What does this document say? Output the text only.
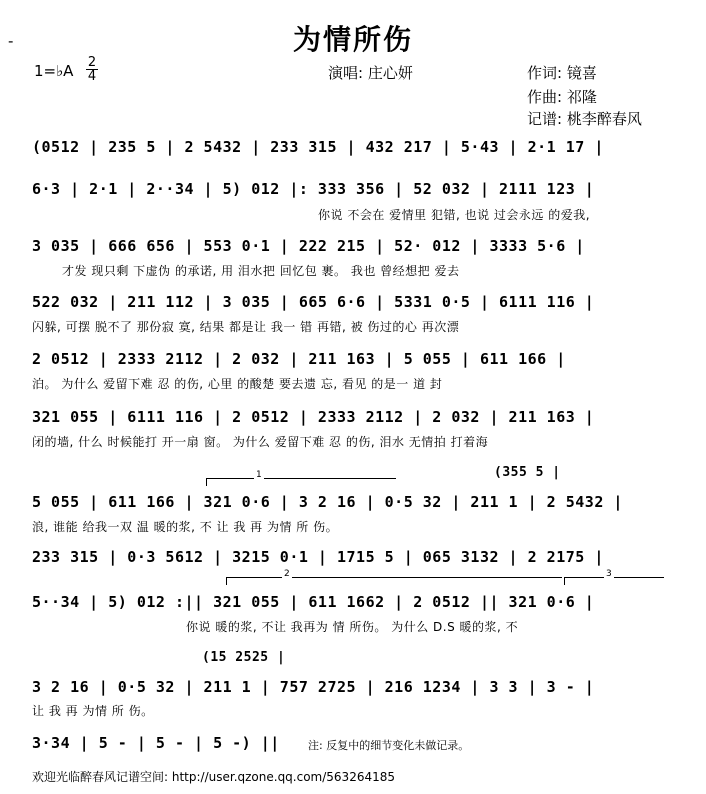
-	为情所伤
1=♭A 2
4	演唱: 庄心妍	作词: 镜喜
作曲: 祁隆
记谱: 桃李醉春风
(0512 | 235 5 | 2 5432 | 233 315 | 432 217 | 5·43 | 2·1 17 |
6·3 | 2·1 | 2··34 | 5) 012 |: 333 356 | 52 032 | 2111 123 |
你说 不会在 爱情里 犯错, 也说 过会永远 的爱我,
3 035 | 666 656 | 553 0·1 | 222 215 | 52· 012 | 3333 5·6 |
才发 现只剩 下虚伪 的承诺, 用 泪水把 回忆包 裹。 我也 曾经想把 爱去
522 032 | 211 112 | 3 035 | 665 6·6 | 5331 0·5 | 6111 116 |
闪躲, 可摆 脱不了 那份寂 寞, 结果 都是让 我一 错 再错, 被 伤过的心 再次漂
2 0512 | 2333 2112 | 2 032 | 211 163 | 5 055 | 611 166 |
泊。 为什么 爱留下难 忍 的伤, 心里 的酸楚 要去遗 忘, 看见 的是一 道 封
321 055 | 6111 116 | 2 0512 | 2333 2112 | 2 032 | 211 163 |
闭的墙, 什么 时候能打 开一扇 窗。 为什么 爱留下难 忍 的伤, 泪水 无情拍 打着海
(355 5 |
1
5 055 | 611 166 | 321 0·6 | 3 2 16 | 0·5 32 | 211 1 | 2 5432 |
浪, 谁能 给我一双 温 暖的浆, 不 让 我 再 为情 所 伤。
233 315 | 0·3 5612 | 3215 0·1 | 1715 5 | 065 3132 | 2 2175 |
2	3
5··34 | 5) 012 :|| 321 055 | 611 1662 | 2 0512 || 321 0·6 |
你说 暖的浆, 不让 我再为 情 所伤。 为什么 D.S 暖的浆, 不
(15 2525 |
3 2 16 | 0·5 32 | 211 1 | 757 2725 | 216 1234 | 3 3 | 3 - |
让 我 再 为情 所 伤。
3·34 | 5 - | 5 - | 5 -) ||	注: 反复中的细节变化未做记录。
欢迎光临醉春风记谱空间: http://user.qzone.qq.com/563264185
